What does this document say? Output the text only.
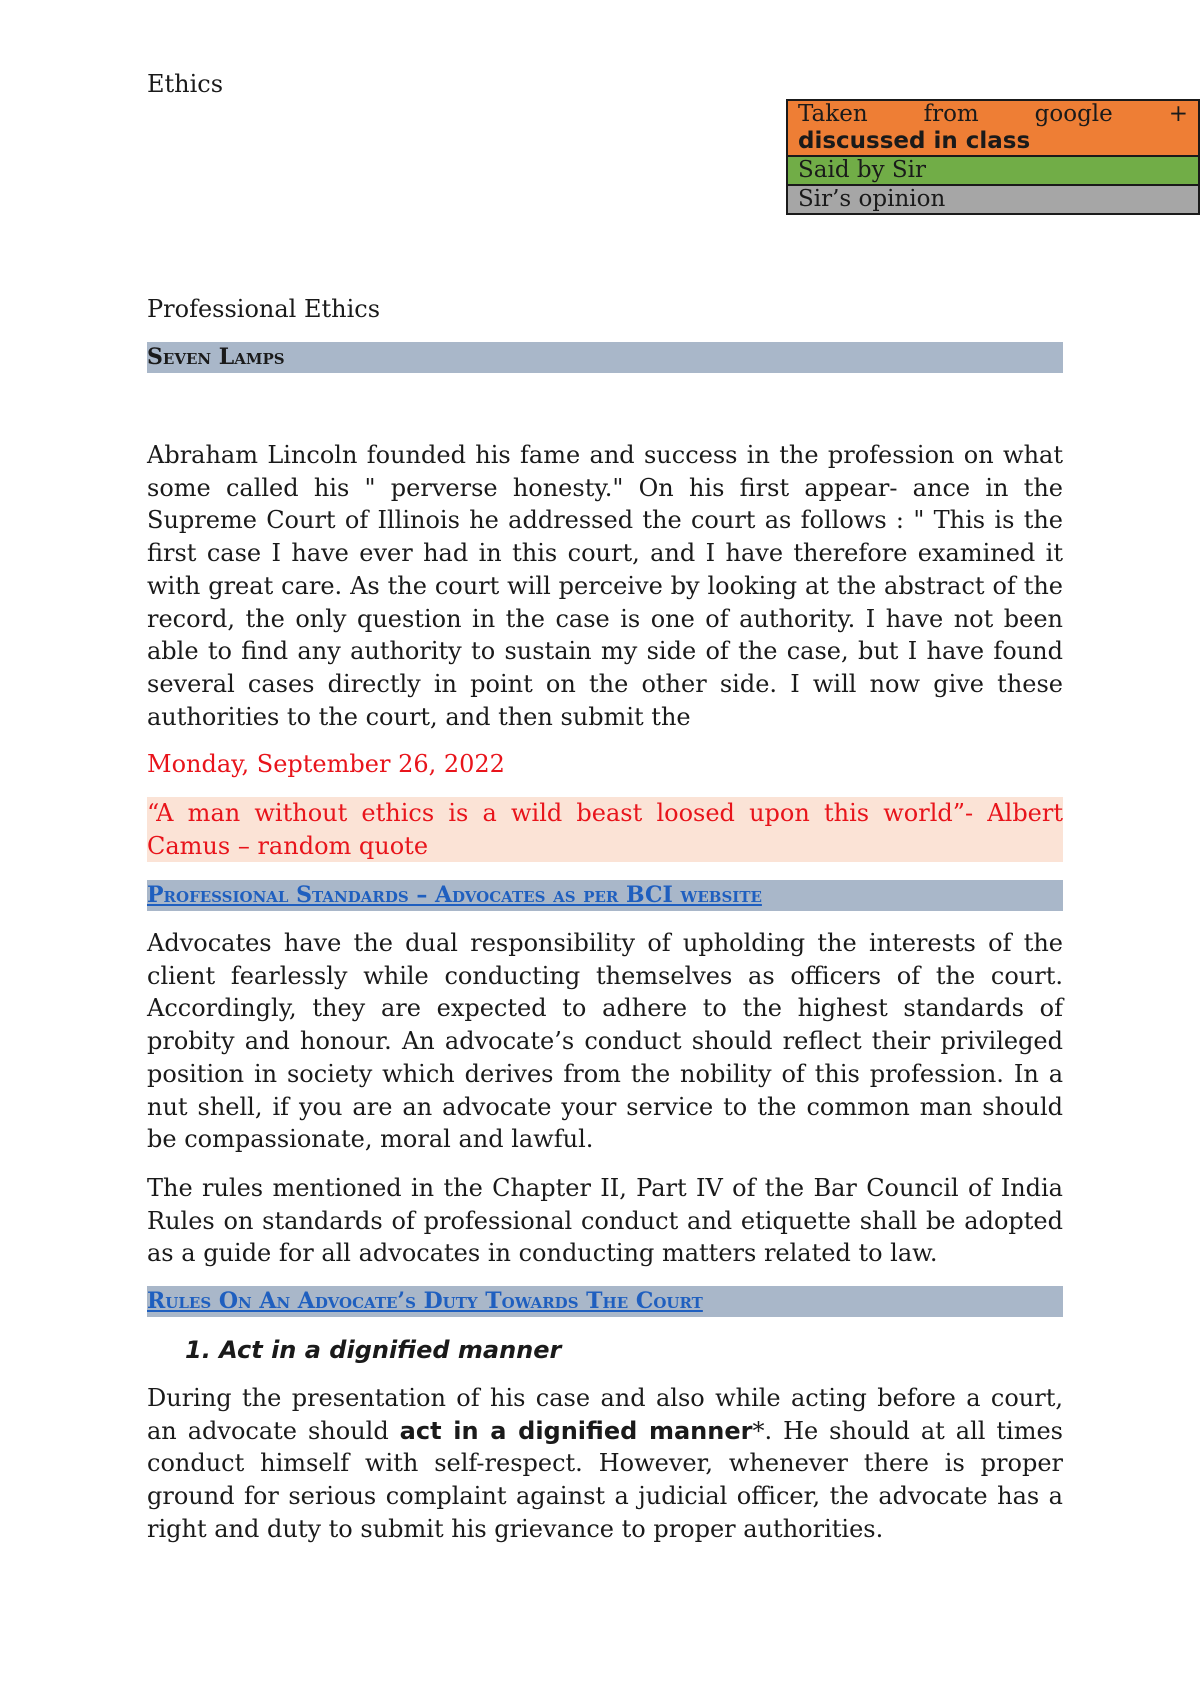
Ethics
Taken from google +
discussed in class
Said by Sir
Sir’s opinion
Professional Ethics
Seven Lamps
Abraham Lincoln founded his fame and success in the profession on what some called his " perverse honesty." On his first appear- ance in the Supreme Court of Illinois he addressed the court as follows : " This is the first case I have ever had in this court, and I have therefore examined it with great care. As the court will perceive by looking at the abstract of the record, the only question in the case is one of authority. I have not been able to find any authority to sustain my side of the case, but I have found several cases directly in point on the other side. I will now give these authorities to the court, and then submit the
Monday, September 26, 2022
“A man without ethics is a wild beast loosed upon this world”- Albert Camus – random quote
Professional Standards – Advocates as per BCI website
Advocates have the dual responsibility of upholding the interests of the client fearlessly while conducting themselves as officers of the court. Accordingly, they are expected to adhere to the highest standards of probity and honour. An advocate’s conduct should reflect their privileged position in society which derives from the nobility of this profession. In a nut shell, if you are an advocate your service to the common man should be compassionate, moral and lawful.
The rules mentioned in the Chapter II, Part IV of the Bar Council of India Rules on standards of professional conduct and etiquette shall be adopted as a guide for all advocates in conducting matters related to law.
Rules On An Advocate’s Duty Towards The Court
1. Act in a dignified manner
During the presentation of his case and also while acting before a court, an advocate should act in a dignified manner*. He should at all times conduct himself with self-respect. However, whenever there is proper ground for serious complaint against a judicial officer, the advocate has a right and duty to submit his grievance to proper authorities.
